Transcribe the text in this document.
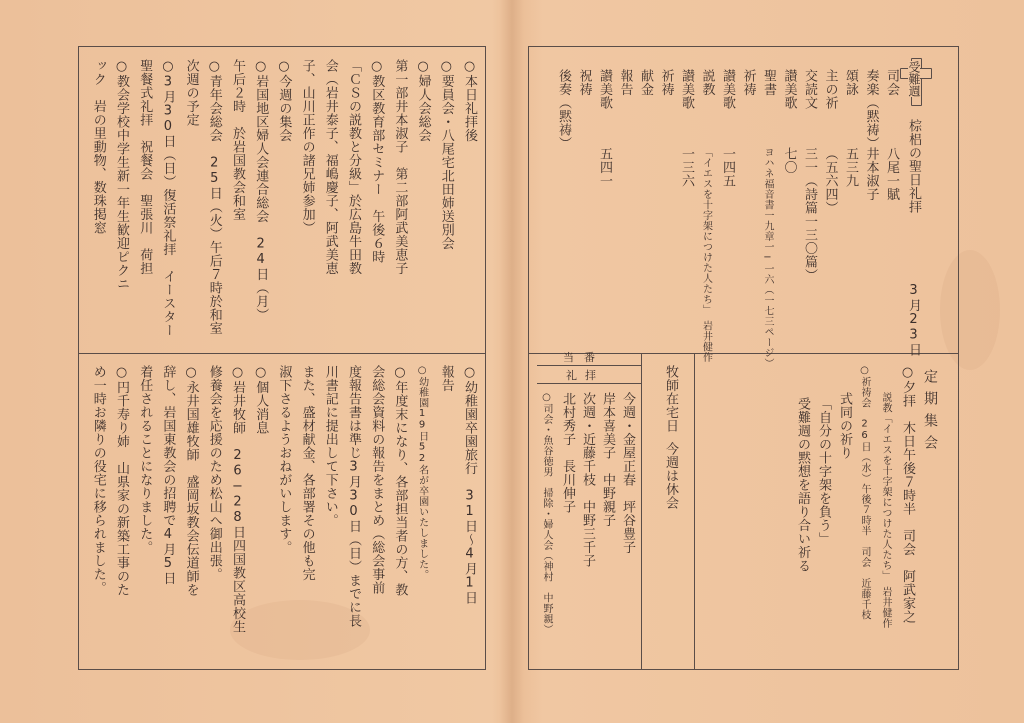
受難週
棕梠の聖日礼拝
3月23日
司会
八尾一賦
奏楽（黙祷）
井本淑子
頌詠
五三九
主の祈
（五六四）
交読文
三一（詩篇一三〇篇）
讃美歌
七〇
聖書
ヨハネ福音書一九章一−一六（一七三ページ）
祈祷
讃美歌
一四五
説教
「イエスを十字架につけた人たち」　岩井健作
讃美歌
一三六
祈祷
献金
報告
讃美歌
五四一
祝祷
後奏（黙祷）
定期集会
○夕拝　木日午後７時半　司会　阿武家之
説教「イエスを十字架につけた人たち」　岩井健作
○祈祷会　26日（水）午後７時半　司会　近藤千枝
式同の祈り
「自分の十字架を負う」
受難週の黙想を語り合い祈る
牧師在宅日
今週は休会
当番
礼拝
今週・金屋正春　坪谷豊子
岸本喜美子　中野親子
次週・近藤千枝　中野三千子
北村秀子　長川伸子
○司会・魚谷徳男　掃除・婦人会（神村　中野親）
○本日礼拝後
○要員会・八尾宅北田姉送別会
○婦人会総会
第一部井本淑子　第二部阿武美恵子
○教区教育部セミナー　午後６時
「ＣＳの説教と分級」於広島牛田教
会（岩井泰子、福嶋慶子、阿武美恵
子、山川正作の諸兄姉参加）
○今週の集会
○岩国地区婦人会連合総会　24日（月）
午后２時　於岩国教会和室
○青年会総会　25日（火）午后７時於和室
次週の予定
○3月30日（日）復活祭礼拝　イースター
聖餐式礼拝　祝餐会　聖張川　荷担
○教会学校中学生新一年生歓迎ピクニ
ック　岩の里動物、数珠掲窓
○幼稚園卒園旅行　31日〜4月1日
報告
○幼稚園19日52名が卒園いたしました。
○年度末になり、各部担当者の方、教
会総会資料の報告をまとめ（総会事前
度報告書は準じ3月30日（日）までに長
川書記に提出して下さい。
また、盛材献金、各部署その他も完
淑下さるようおねがいします。
○個人消息
○岩井牧師　26−28日四国教区高校生
修養会を応援のため松山へ御出張。
○永井国雄牧師　盛岡坂教会伝道師を
辞し、岩国東教会の招聘で4月5日
着任されることになりました。
○円千寿り姉　山県家の新築工事のた
め一時お隣りの役宅に移られました。
